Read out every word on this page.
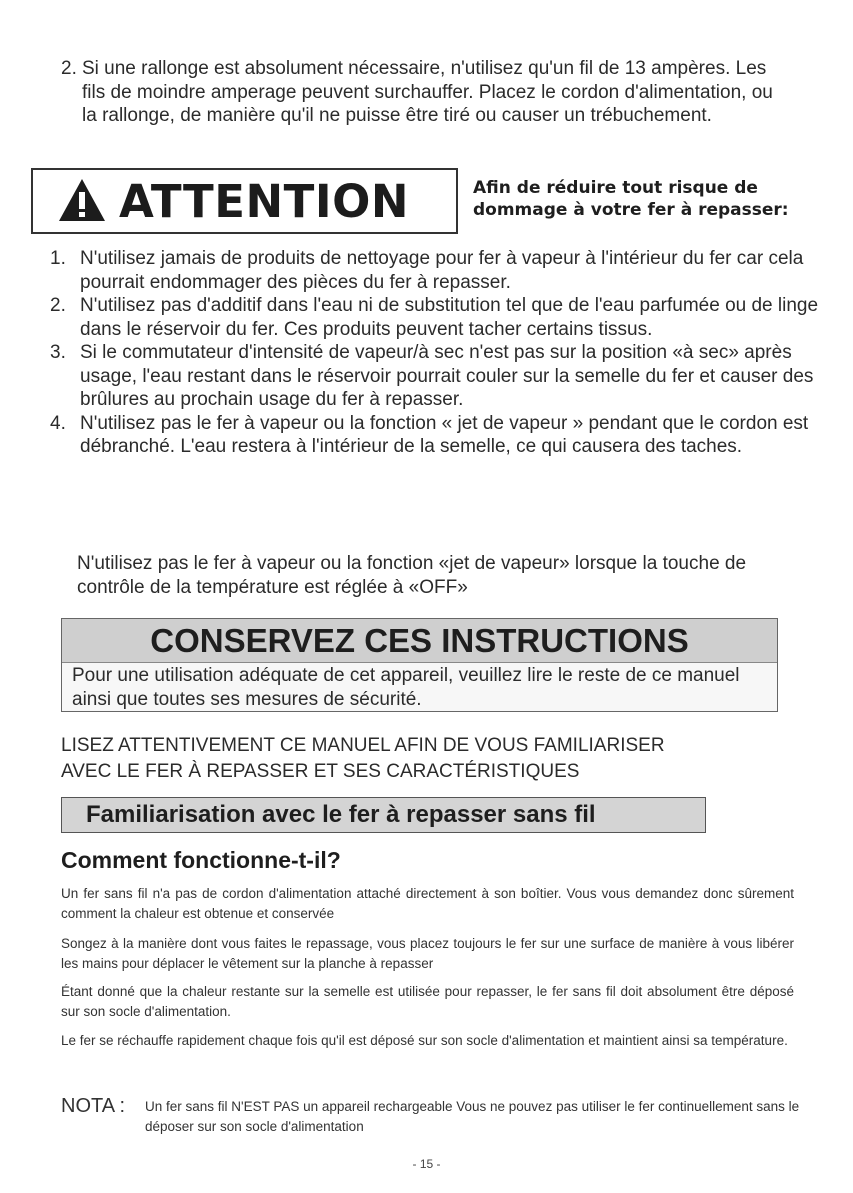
2. Si une rallonge est absolument nécessaire, n'utilisez qu'un fil de 13 ampères. Les fils de moindre amperage peuvent surchauffer. Placez le cordon d'alimentation, ou la rallonge, de manière qu'il ne puisse être tiré ou causer un trébuchement.
ATTENTION	Afin de réduire tout risque de
dommage à votre fer à repasser:
1. N'utilisez jamais de produits de nettoyage pour fer à vapeur à l'intérieur du fer car cela pourrait endommager des pièces du fer à repasser.
2. N'utilisez pas d'additif dans l'eau ni de substitution tel que de l'eau parfumée ou de linge dans le réservoir du fer. Ces produits peuvent tacher certains tissus.
3. Si le commutateur d'intensité de vapeur/à sec n'est pas sur la position «à sec» après usage, l'eau restant dans le réservoir pourrait couler sur la semelle du fer et causer des brûlures au prochain usage du fer à repasser.
4. N'utilisez pas le fer à vapeur ou la fonction « jet de vapeur » pendant que le cordon est débranché. L'eau restera à l'intérieur de la semelle, ce qui causera des taches.
N'utilisez pas le fer à vapeur ou la fonction «jet de vapeur» lorsque la touche de contrôle de la température est réglée à «OFF»
CONSERVEZ CES INSTRUCTIONS
Pour une utilisation adéquate de cet appareil, veuillez lire le reste de ce manuel ainsi que toutes ses mesures de sécurité.
LISEZ ATTENTIVEMENT CE MANUEL AFIN DE VOUS FAMILIARISER
AVEC LE FER À REPASSER ET SES CARACTÉRISTIQUES
Familiarisation avec le fer à repasser sans fil
Comment fonctionne-t-il?
Un fer sans fil n'a pas de cordon d'alimentation attaché directement à son boîtier. Vous vous demandez donc sûrement comment la chaleur est obtenue et conservée
Songez à la manière dont vous faites le repassage, vous placez toujours le fer sur une surface de manière à vous libérer les mains pour déplacer le vêtement sur la planche à repasser
Étant donné que la chaleur restante sur la semelle est utilisée pour repasser, le fer sans fil doit absolument être déposé sur son socle d'alimentation.
Le fer se réchauffe rapidement chaque fois qu'il est déposé sur son socle d'alimentation et maintient ainsi sa température.
NOTA : Un fer sans fil N'EST PAS un appareil rechargeable Vous ne pouvez pas utiliser le fer continuellement sans le déposer sur son socle d'alimentation
- 15 -
